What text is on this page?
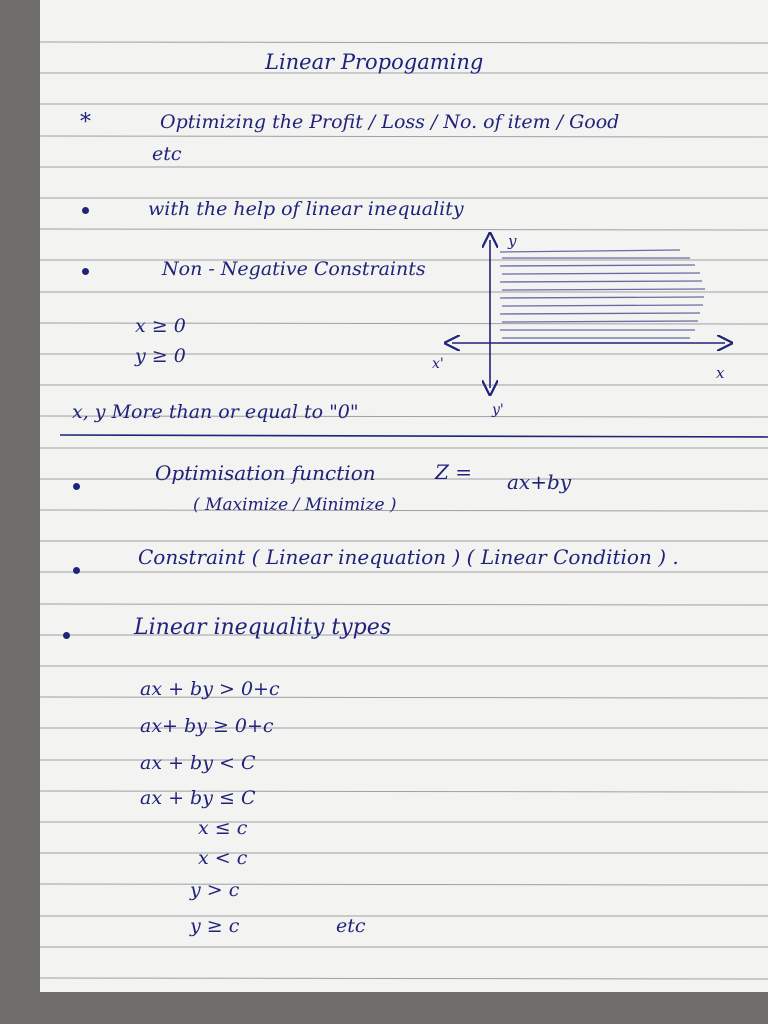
Linear Propogaming
*	Optimizing the Profit / Loss / No. of item / Good
etc
with the help of linear inequality
Non - Negative Constraints
x ≥ 0
y ≥ 0
x, y More than or equal to "0"
Optimisation function	Z = ax+by
( Maximize / Minimize )
Constraint ( Linear inequation ) ( Linear Condition ) .
Linear inequality types
ax + by > 0+c
ax+ by ≥ 0+c
ax + by < C
ax + by ≤ C
x ≤ c
x < c
y > c
y ≥ c	etc
y
x
x'
y'
